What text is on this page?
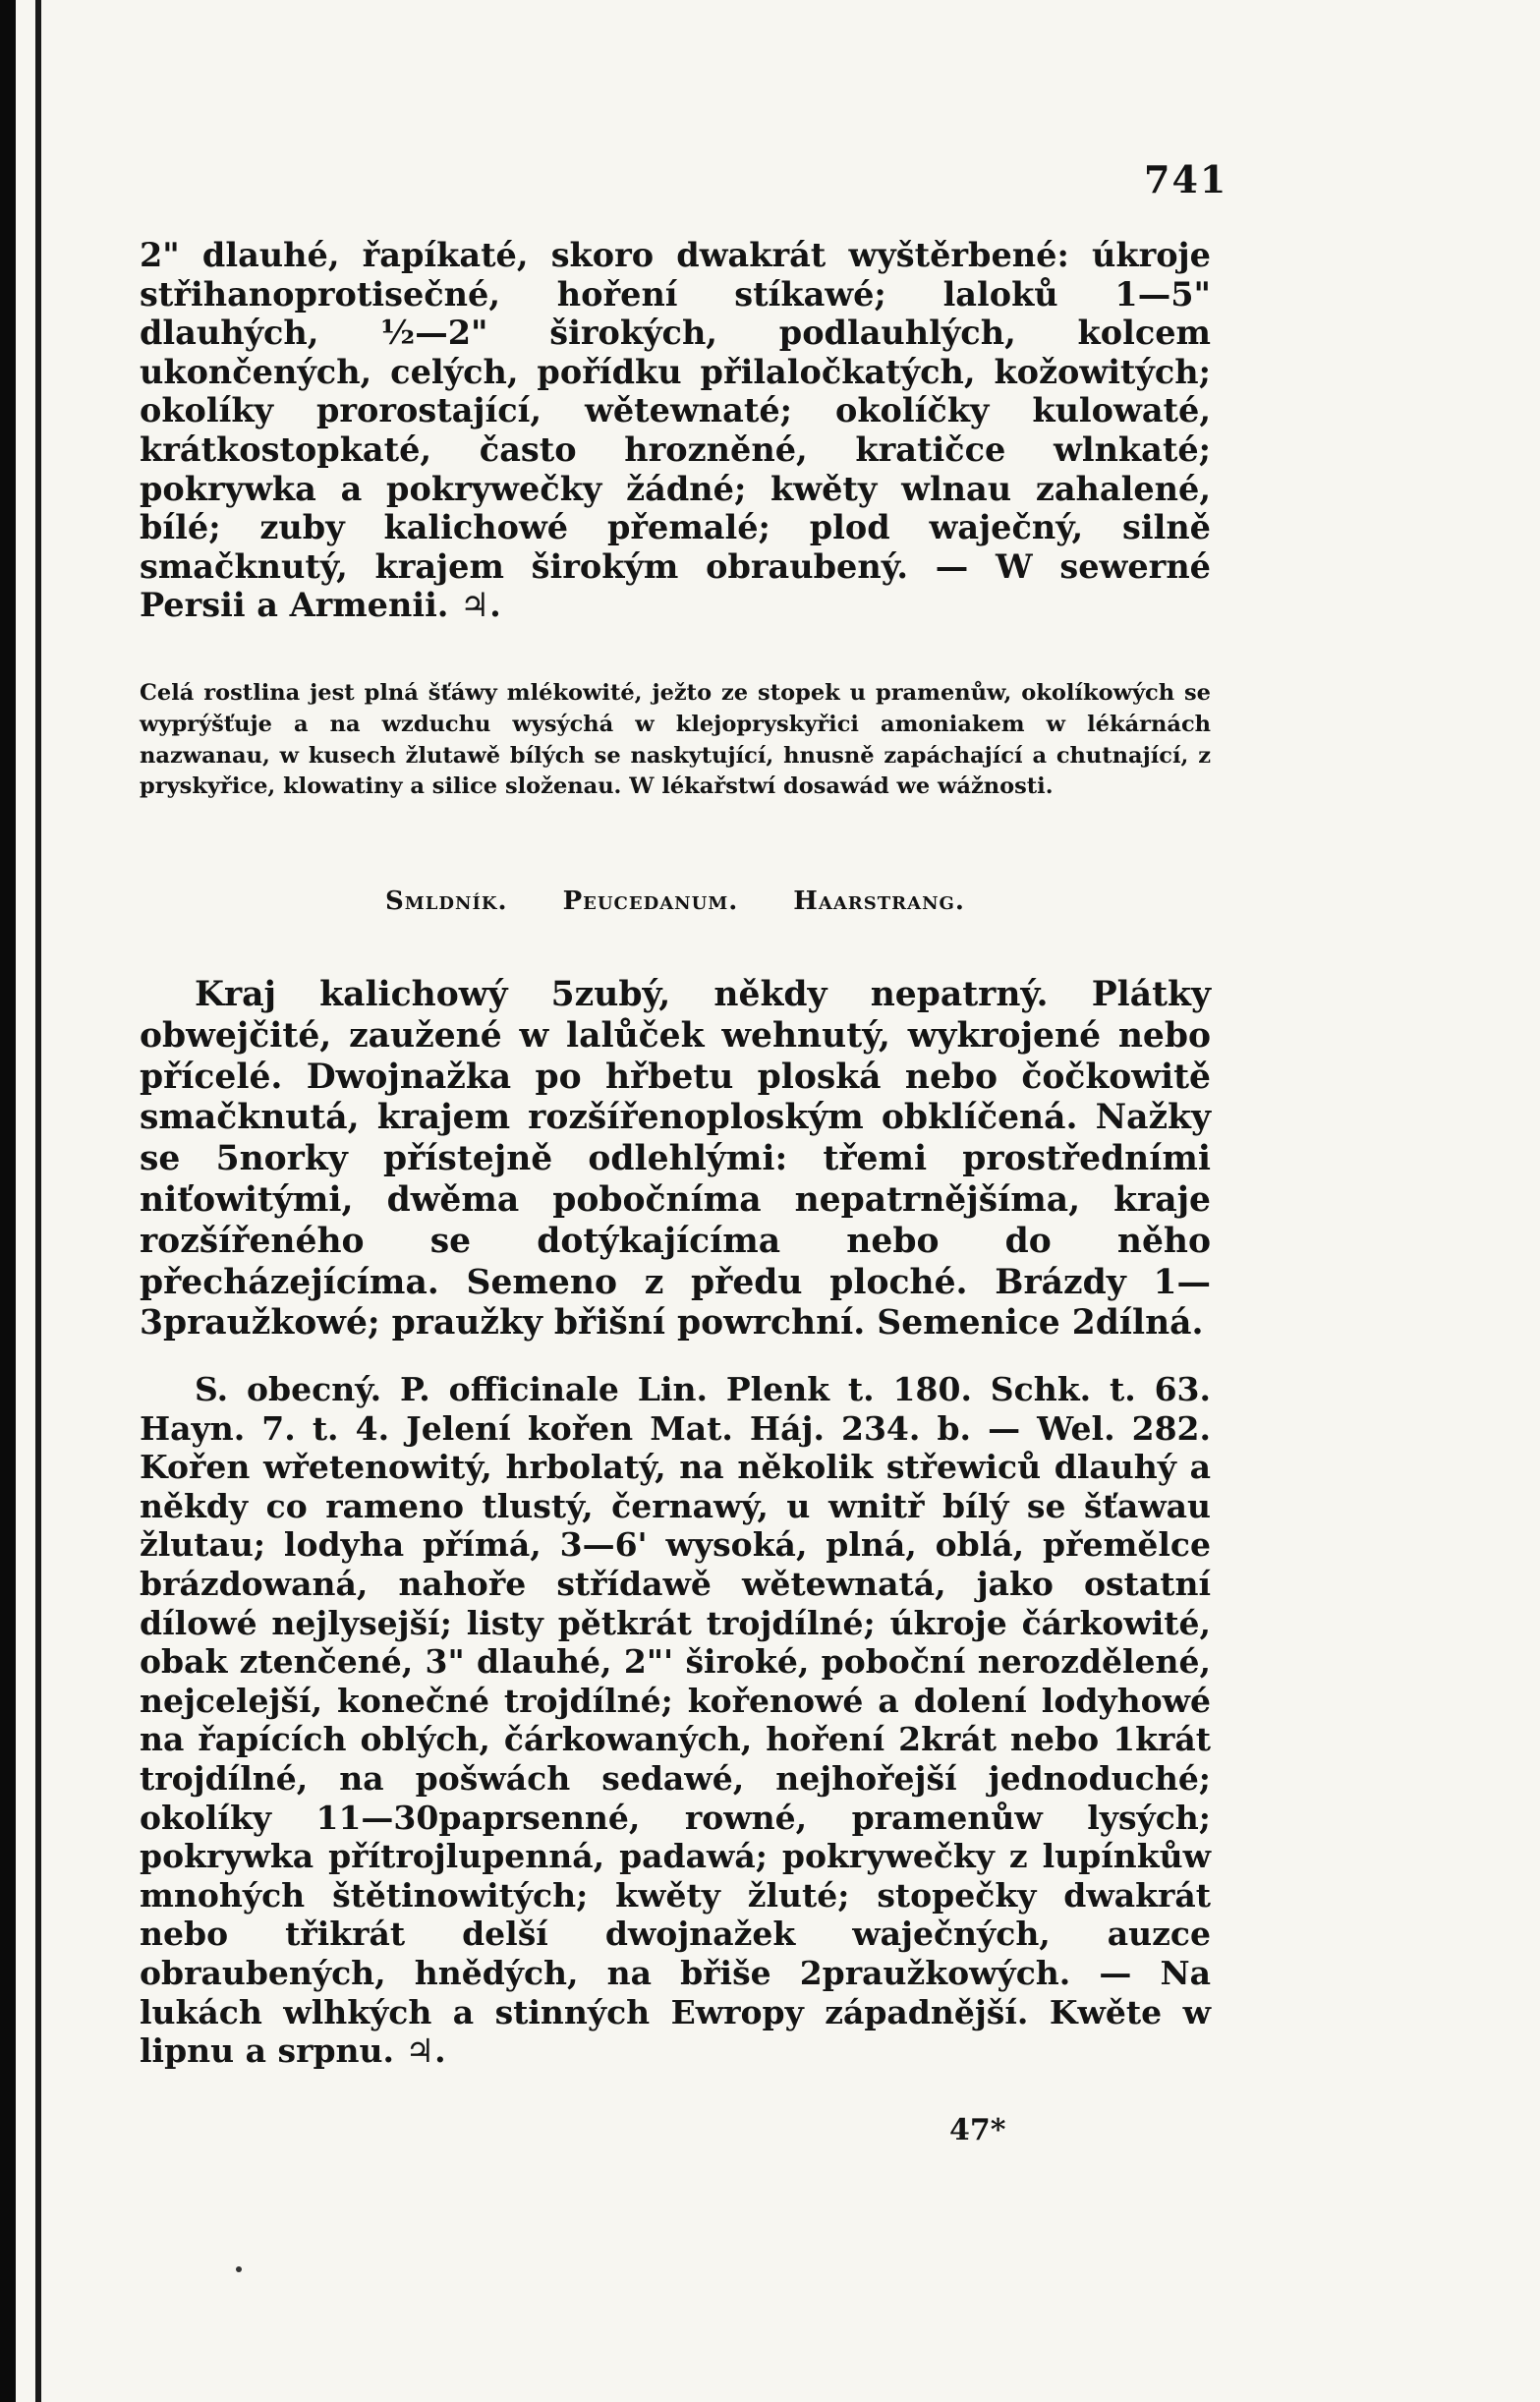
741

2" dlauhé, řapíkaté, skoro dwakrát wyštěrbené: úkroje střihanoprotisečné, hoření stíkawé; laloků 1—5" dlauhých, ½—2" širokých, podlauhlých, kolcem ukončených, celých, pořídku přilaločkatých, kožowitých; okolíky prorostající, wětewnaté; okolíčky kulowaté, krátkostopkaté, často hrozněné, kratičce wlnkaté; pokrywka a pokrywečky žádné; kwěty wlnau zahalené, bílé; zuby kalichowé přemalé; plod waječný, silně smačknutý, krajem širokým obraubený. — W sewerné Persii a Armenii. ♃.

Celá rostlina jest plná šťáwy mlékowité, ježto ze stopek u pramenůw, okolíkowých se wyprýšťuje a na wzduchu wysýchá w klejopryskyřici amoniakem w lékárnách nazwanau, w kusech žlutawě bílých se naskytující, hnusně zapáchající a chutnající, z pryskyřice, klowatiny a silice složenau. W lékařstwí dosawád we wážnosti.

Smldník. Peucedanum. Haarstrang.

Kraj kalichowý 5zubý, někdy nepatrný. Plátky obwejčité, zaužené w lalůček wehnutý, wykrojené nebo přícelé. Dwojnažka po hřbetu ploská nebo čočkowitě smačknutá, krajem rozšířenoploským obklíčená. Nažky se 5norky přístejně odlehlými: třemi prostředními niťowitými, dwěma pobočníma nepatrnějšíma, kraje rozšířeného se dotýkajícíma nebo do něho přecházejícíma. Semeno z předu ploché. Brázdy 1—3praužkowé; praužky břišní powrchní. Semenice 2dílná.

S. obecný. P. officinale Lin. Plenk t. 180. Schk. t. 63. Hayn. 7. t. 4. Jelení kořen Mat. Háj. 234. b. — Wel. 282. Kořen wřetenowitý, hrbolatý, na několik střewiců dlauhý a někdy co rameno tlustý, černawý, u wnitř bílý se šťawau žlutau; lodyha přímá, 3—6' wysoká, plná, oblá, přemělce brázdowaná, nahoře střídawě wětewnatá, jako ostatní dílowé nejlysejší; listy pětkrát trojdílné; úkroje čárkowité, obak ztenčené, 3" dlauhé, 2"' široké, poboční nerozdělené, nejcelejší, konečné trojdílné; kořenowé a dolení lodyhowé na řapících oblých, čárkowaných, hoření 2krát nebo 1krát trojdílné, na pošwách sedawé, nejhořejší jednoduché; okolíky 11—30paprsenné, rowné, pramenůw lysých; pokrywka přítrojlupenná, padawá; pokrywečky z lupínkůw mnohých štětinowitých; kwěty žluté; stopečky dwakrát nebo třikrát delší dwojnažek waječných, auzce obraubených, hnědých, na břiše 2praužkowých. — Na lukách wlhkých a stinných Ewropy západnější. Kwěte w lipnu a srpnu. ♃.

47*
